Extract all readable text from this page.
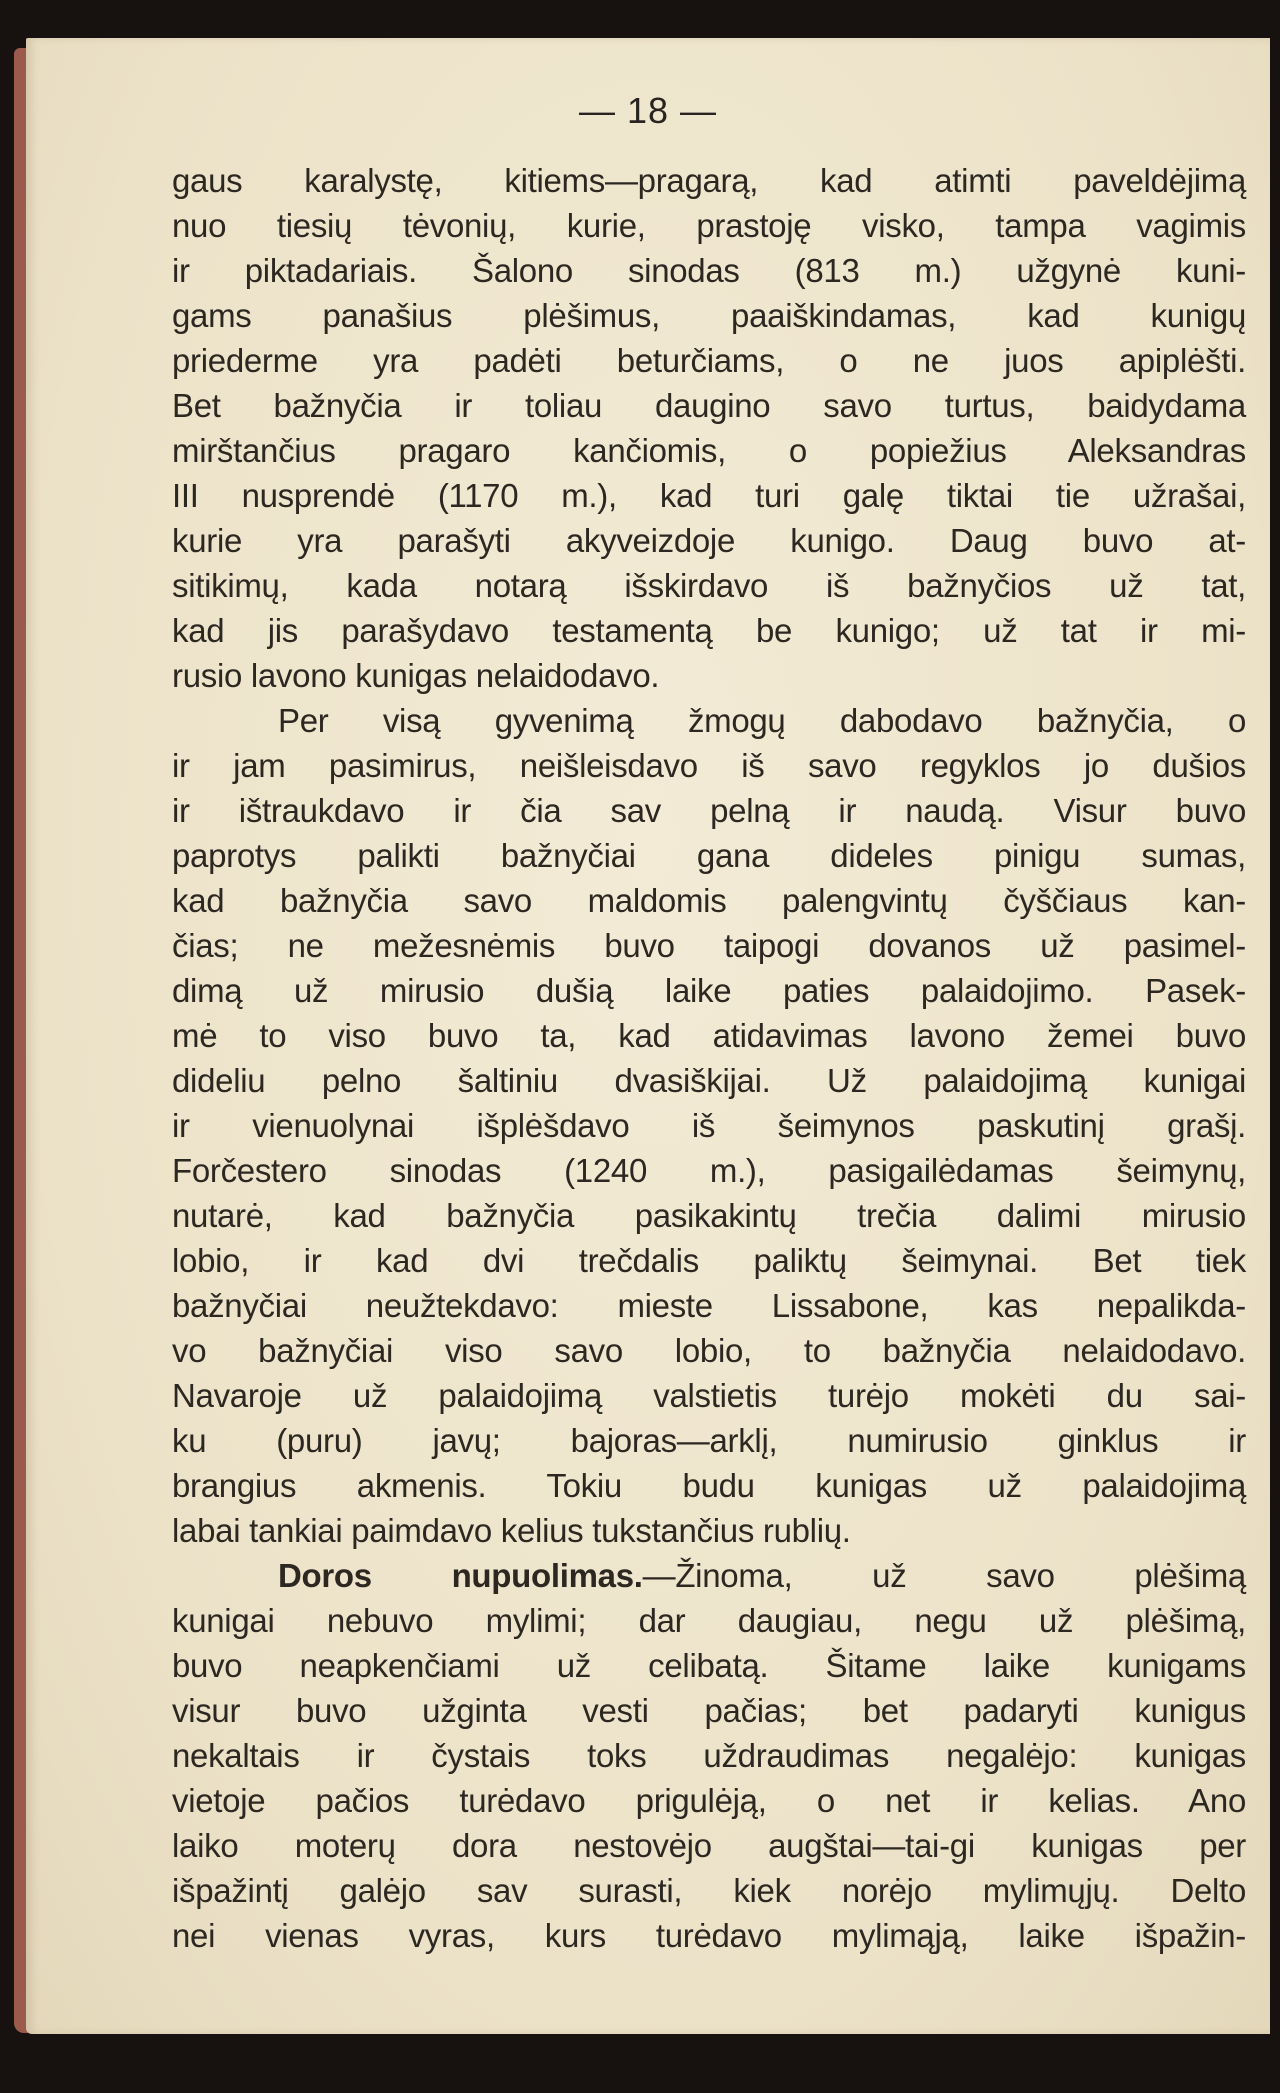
— 18 —
gaus karalystę, kitiems—pragarą, kad atimti paveldėjimą
nuo tiesių tėvonių, kurie, prastoję visko, tampa vagimis
ir piktadariais. Šalono sinodas (813 m.) užgynė kuni-
gams panašius plėšimus, paaiškindamas, kad kunigų
priederme yra padėti beturčiams, o ne juos apiplėšti.
Bet bažnyčia ir toliau daugino savo turtus, baidydama
mirštančius pragaro kančiomis, o popiežius Aleksandras
III nusprendė (1170 m.), kad turi galę tiktai tie užrašai,
kurie yra parašyti akyveizdoje kunigo. Daug buvo at-
sitikimų, kada notarą išskirdavo iš bažnyčios už tat,
kad jis parašydavo testamentą be kunigo; už tat ir mi-
rusio lavono kunigas nelaidodavo.
Per visą gyvenimą žmogų dabodavo bažnyčia, o
ir jam pasimirus, neišleisdavo iš savo regyklos jo dušios
ir ištraukdavo ir čia sav pelną ir naudą. Visur buvo
paprotys palikti bažnyčiai gana dideles pinigu sumas,
kad bažnyčia savo maldomis palengvintų čyščiaus kan-
čias; ne mežesnėmis buvo taipogi dovanos už pasimel-
dimą už mirusio dušią laike paties palaidojimo. Pasek-
mė to viso buvo ta, kad atidavimas lavono žemei buvo
dideliu pelno šaltiniu dvasiškijai. Už palaidojimą kunigai
ir vienuolynai išplėšdavo iš šeimynos paskutinį grašį.
Forčestero sinodas (1240 m.), pasigailėdamas šeimynų,
nutarė, kad bažnyčia pasikakintų trečia dalimi mirusio
lobio, ir kad dvi trečdalis paliktų šeimynai. Bet tiek
bažnyčiai neužtekdavo: mieste Lissabone, kas nepalikda-
vo bažnyčiai viso savo lobio, to bažnyčia nelaidodavo.
Navaroje už palaidojimą valstietis turėjo mokėti du sai-
ku (puru) javų; bajoras—arklį, numirusio ginklus ir
brangius akmenis. Tokiu budu kunigas už palaidojimą
labai tankiai paimdavo kelius tukstančius rublių.
Doros nupuolimas.—Žinoma, už savo plėšimą
kunigai nebuvo mylimi; dar daugiau, negu už plėšimą,
buvo neapkenčiami už celibatą. Šitame laike kunigams
visur buvo užginta vesti pačias; bet padaryti kunigus
nekaltais ir čystais toks uždraudimas negalėjo: kunigas
vietoje pačios turėdavo prigulėją, o net ir kelias. Ano
laiko moterų dora nestovėjo augštai—tai-gi kunigas per
išpažintį galėjo sav surasti, kiek norėjo mylimųjų. Delto
nei vienas vyras, kurs turėdavo mylimąją, laike išpažin-
